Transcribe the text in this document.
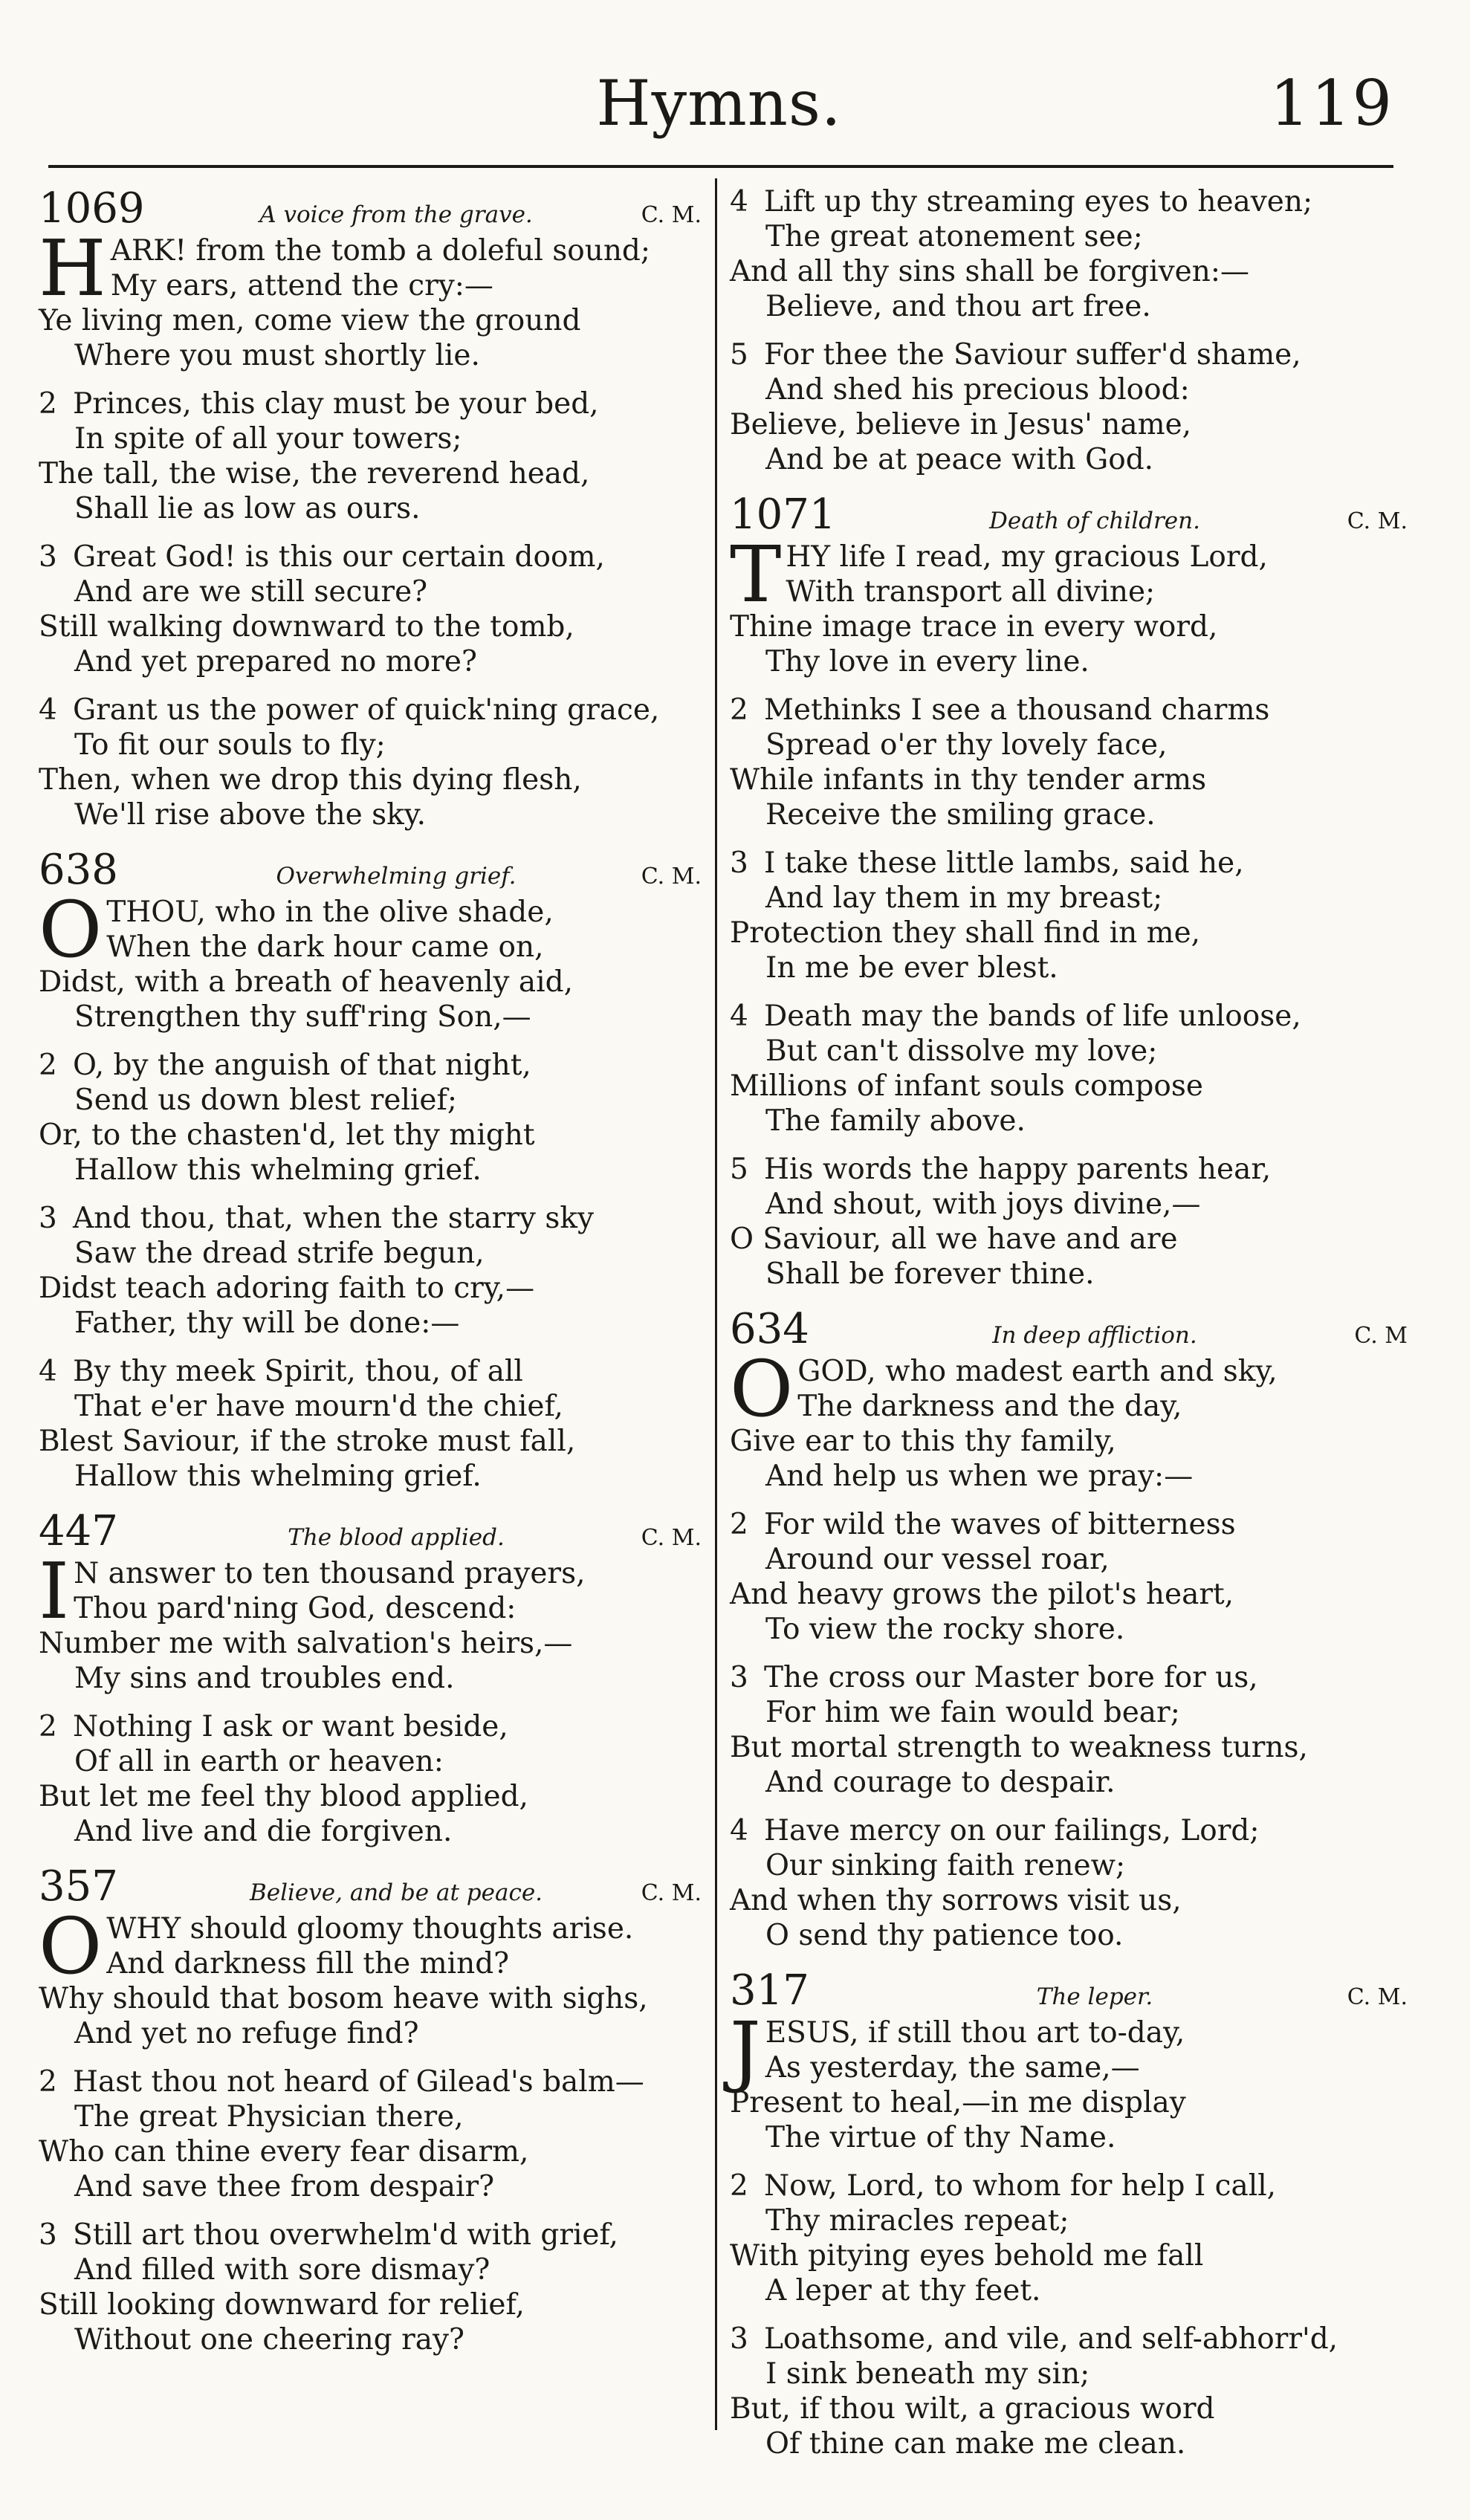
Hymns.	119
1069	A voice from the grave.	C. M.
H ARK! from the tomb a doleful sound;
My ears, attend the cry:—
Ye living men, come view the ground
Where you must shortly lie.
2 Princes, this clay must be your bed,
In spite of all your towers;
The tall, the wise, the reverend head,
Shall lie as low as ours.
3 Great God! is this our certain doom,
And are we still secure?
Still walking downward to the tomb,
And yet prepared no more?
4 Grant us the power of quick'ning grace,
To fit our souls to fly;
Then, when we drop this dying flesh,
We'll rise above the sky.
638	Overwhelming grief.	C. M.
O THOU, who in the olive shade,
When the dark hour came on,
Didst, with a breath of heavenly aid,
Strengthen thy suff'ring Son,—
2 O, by the anguish of that night,
Send us down blest relief;
Or, to the chasten'd, let thy might
Hallow this whelming grief.
3 And thou, that, when the starry sky
Saw the dread strife begun,
Didst teach adoring faith to cry,—
Father, thy will be done:—
4 By thy meek Spirit, thou, of all
That e'er have mourn'd the chief,
Blest Saviour, if the stroke must fall,
Hallow this whelming grief.
447	The blood applied.	C. M.
I N answer to ten thousand prayers,
Thou pard'ning God, descend:
Number me with salvation's heirs,—
My sins and troubles end.
2 Nothing I ask or want beside,
Of all in earth or heaven:
But let me feel thy blood applied,
And live and die forgiven.
357	Believe, and be at peace.	C. M.
O WHY should gloomy thoughts arise.
And darkness fill the mind?
Why should that bosom heave with sighs,
And yet no refuge find?
2 Hast thou not heard of Gilead's balm—
The great Physician there,
Who can thine every fear disarm,
And save thee from despair?
3 Still art thou overwhelm'd with grief,
And filled with sore dismay?
Still looking downward for relief,
Without one cheering ray?
4 Lift up thy streaming eyes to heaven;
The great atonement see;
And all thy sins shall be forgiven:—
Believe, and thou art free.
5 For thee the Saviour suffer'd shame,
And shed his precious blood:
Believe, believe in Jesus' name,
And be at peace with God.
1071	Death of children.	C. M.
T HY life I read, my gracious Lord,
With transport all divine;
Thine image trace in every word,
Thy love in every line.
2 Methinks I see a thousand charms
Spread o'er thy lovely face,
While infants in thy tender arms
Receive the smiling grace.
3 I take these little lambs, said he,
And lay them in my breast;
Protection they shall find in me,
In me be ever blest.
4 Death may the bands of life unloose,
But can't dissolve my love;
Millions of infant souls compose
The family above.
5 His words the happy parents hear,
And shout, with joys divine,—
O Saviour, all we have and are
Shall be forever thine.
634	In deep affliction.	C. M
O GOD, who madest earth and sky,
The darkness and the day,
Give ear to this thy family,
And help us when we pray:—
2 For wild the waves of bitterness
Around our vessel roar,
And heavy grows the pilot's heart,
To view the rocky shore.
3 The cross our Master bore for us,
For him we fain would bear;
But mortal strength to weakness turns,
And courage to despair.
4 Have mercy on our failings, Lord;
Our sinking faith renew;
And when thy sorrows visit us,
O send thy patience too.
317	The leper.	C. M.
J ESUS, if still thou art to-day,
As yesterday, the same,—
Present to heal,—in me display
The virtue of thy Name.
2 Now, Lord, to whom for help I call,
Thy miracles repeat;
With pitying eyes behold me fall
A leper at thy feet.
3 Loathsome, and vile, and self-abhorr'd,
I sink beneath my sin;
But, if thou wilt, a gracious word
Of thine can make me clean.
